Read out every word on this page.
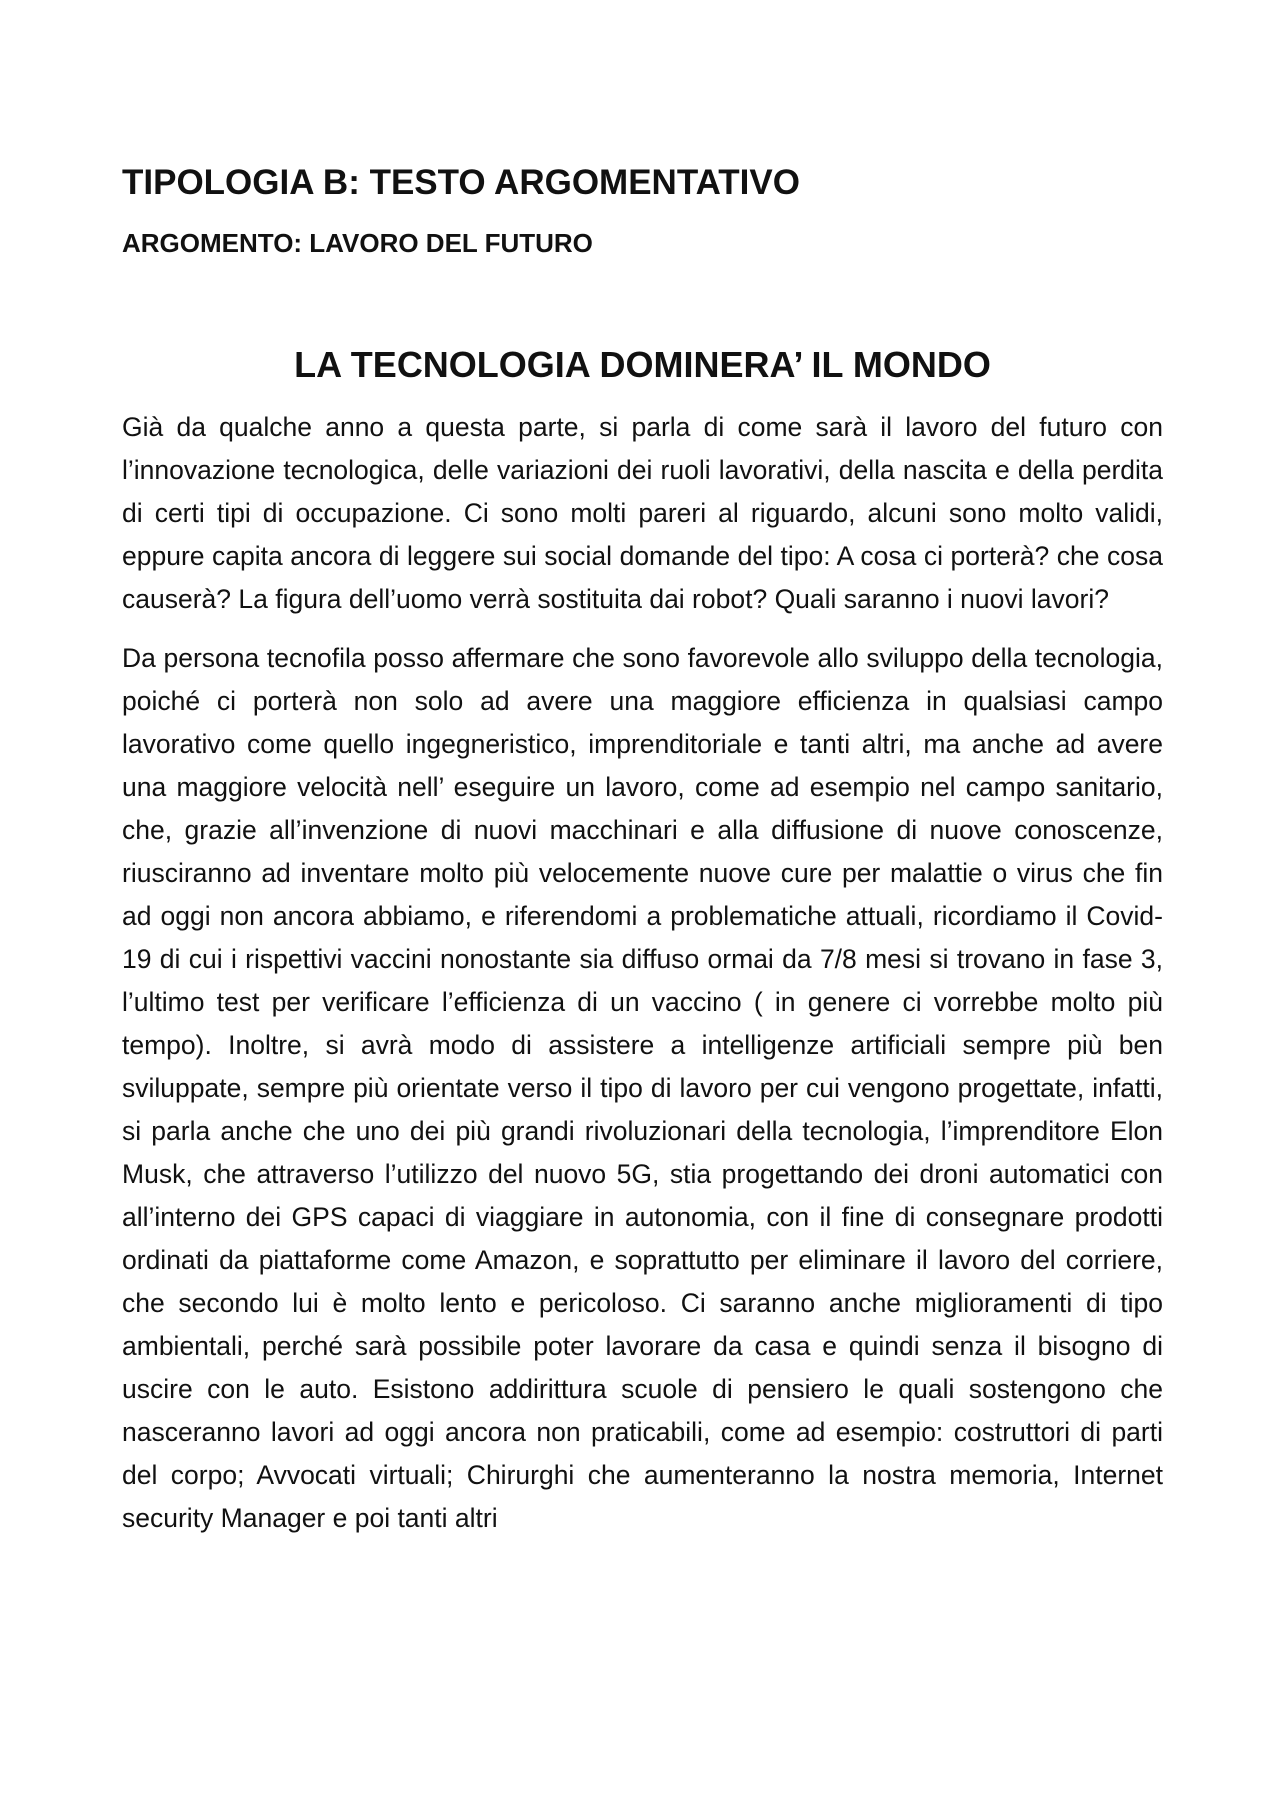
TIPOLOGIA B: TESTO ARGOMENTATIVO
ARGOMENTO: LAVORO DEL FUTURO
LA TECNOLOGIA DOMINERA’ IL MONDO

Già da qualche anno a questa parte, si parla di come sarà il lavoro del futuro con l’innovazione tecnologica, delle variazioni dei ruoli lavorativi, della nascita e della perdita di certi tipi di occupazione. Ci sono molti pareri al riguardo, alcuni sono molto validi, eppure capita ancora di leggere sui social domande del tipo: A cosa ci porterà? che cosa causerà? La figura dell’uomo verrà sostituita dai robot? Quali saranno i nuovi lavori?

Da persona tecnofila posso affermare che sono favorevole allo sviluppo della tecnologia, poiché ci porterà non solo ad avere una maggiore efficienza in qualsiasi campo lavorativo come quello ingegneristico, imprenditoriale e tanti altri, ma anche ad avere una maggiore velocità nell’ eseguire un lavoro, come ad esempio nel campo sanitario, che, grazie all’invenzione di nuovi macchinari e alla diffusione di nuove conoscenze, riusciranno ad inventare molto più velocemente nuove cure per malattie o virus che fin ad oggi non ancora abbiamo, e riferendomi a problematiche attuali, ricordiamo il Covid-19 di cui i rispettivi vaccini nonostante sia diffuso ormai da 7/8 mesi si trovano in fase 3, l’ultimo test per verificare l’efficienza di un vaccino ( in genere ci vorrebbe molto più tempo). Inoltre, si avrà modo di assistere a intelligenze artificiali sempre più ben sviluppate, sempre più orientate verso il tipo di lavoro per cui vengono progettate, infatti, si parla anche che uno dei più grandi rivoluzionari della tecnologia, l’imprenditore Elon Musk, che attraverso l’utilizzo del nuovo 5G, stia progettando dei droni automatici con all’interno dei GPS capaci di viaggiare in autonomia, con il fine di consegnare prodotti ordinati da piattaforme come Amazon, e soprattutto per eliminare il lavoro del corriere, che secondo lui è molto lento e pericoloso. Ci saranno anche miglioramenti di tipo ambientali, perché sarà possibile poter lavorare da casa e quindi senza il bisogno di uscire con le auto. Esistono addirittura scuole di pensiero le quali sostengono che nasceranno lavori ad oggi ancora non praticabili, come ad esempio: costruttori di parti del corpo; Avvocati virtuali; Chirurghi che aumenteranno la nostra memoria, Internet security Manager e poi tanti altri
